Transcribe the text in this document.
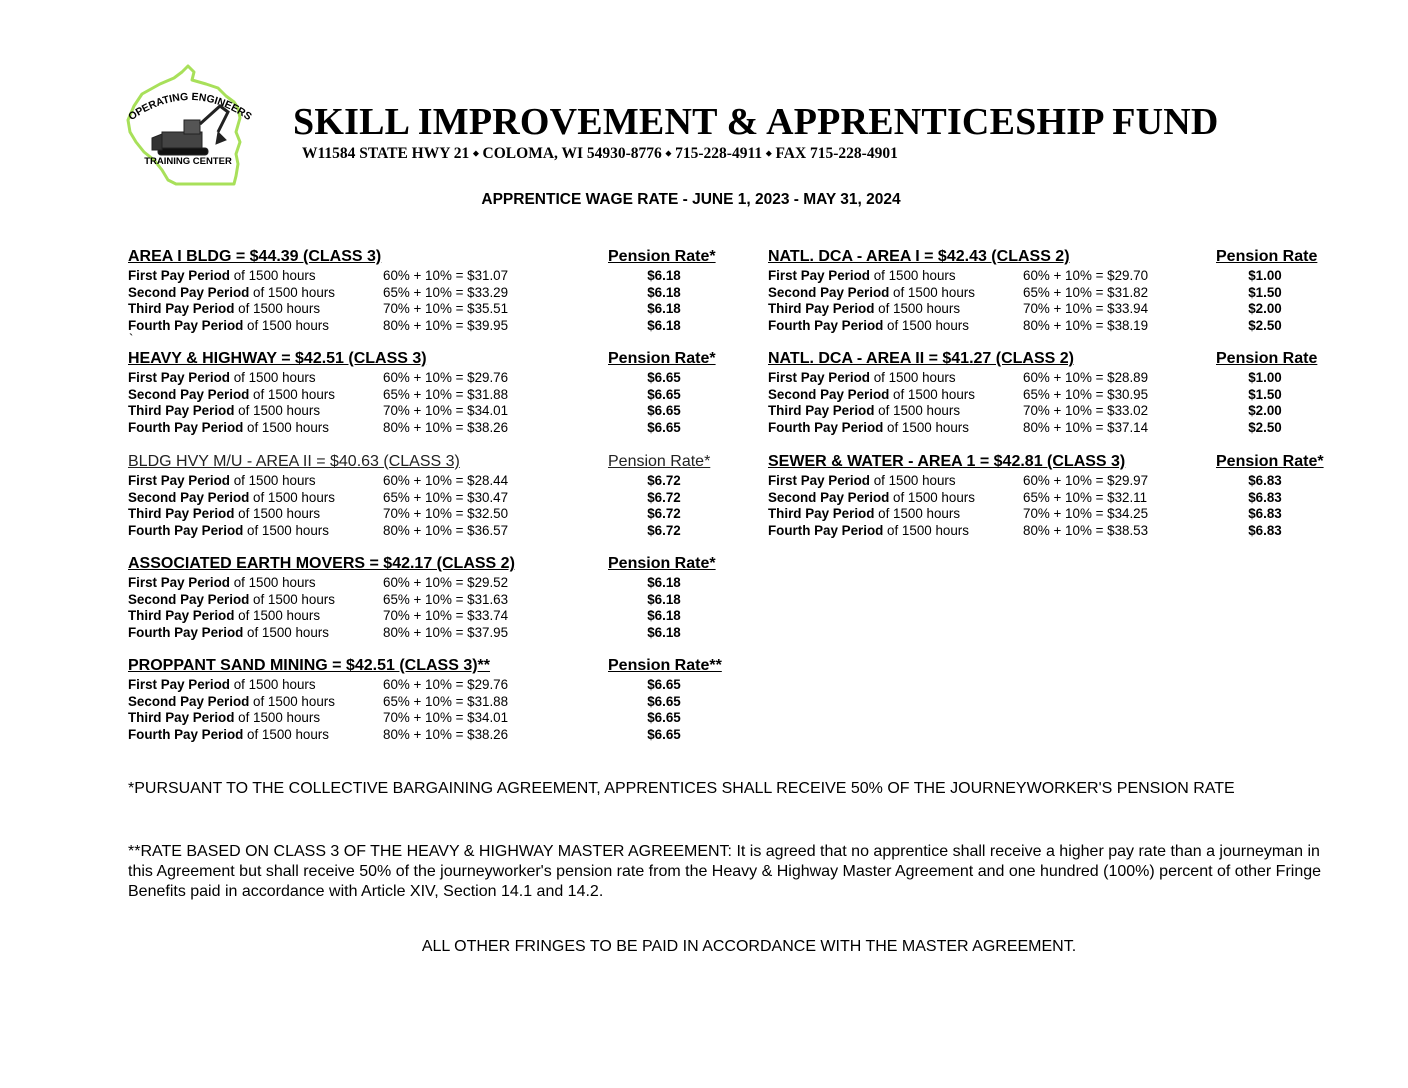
OPERATING ENGINEERS
TRAINING CENTER
SKILL IMPROVEMENT & APPRENTICESHIP FUND
W11584 STATE HWY 21 ⬩ COLOMA, WI 54930-8776 ⬩ 715-228-4911 ⬩ FAX 715-228-4901
APPRENTICE WAGE RATE - JUNE 1, 2023 - MAY 31, 2024
AREA I BLDG = $44.39 (CLASS 3)	Pension Rate*
First Pay Period of 1500 hours	60% + 10% = $31.07	$6.18
Second Pay Period of 1500 hours	65% + 10% = $33.29	$6.18
Third Pay Period of 1500 hours	70% + 10% = $35.51	$6.18
Fourth Pay Period of 1500 hours	80% + 10% = $39.95	$6.18
`
HEAVY & HIGHWAY = $42.51 (CLASS 3)	Pension Rate*
First Pay Period of 1500 hours	60% + 10% = $29.76	$6.65
Second Pay Period of 1500 hours	65% + 10% = $31.88	$6.65
Third Pay Period of 1500 hours	70% + 10% = $34.01	$6.65
Fourth Pay Period of 1500 hours	80% + 10% = $38.26	$6.65
BLDG HVY M/U - AREA II = $40.63 (CLASS 3)	Pension Rate*
First Pay Period of 1500 hours	60% + 10% = $28.44	$6.72
Second Pay Period of 1500 hours	65% + 10% = $30.47	$6.72
Third Pay Period of 1500 hours	70% + 10% = $32.50	$6.72
Fourth Pay Period of 1500 hours	80% + 10% = $36.57	$6.72
ASSOCIATED EARTH MOVERS = $42.17 (CLASS 2)	Pension Rate*
First Pay Period of 1500 hours	60% + 10% = $29.52	$6.18
Second Pay Period of 1500 hours	65% + 10% = $31.63	$6.18
Third Pay Period of 1500 hours	70% + 10% = $33.74	$6.18
Fourth Pay Period of 1500 hours	80% + 10% = $37.95	$6.18
PROPPANT SAND MINING = $42.51 (CLASS 3)**	Pension Rate**
First Pay Period of 1500 hours	60% + 10% = $29.76	$6.65
Second Pay Period of 1500 hours	65% + 10% = $31.88	$6.65
Third Pay Period of 1500 hours	70% + 10% = $34.01	$6.65
Fourth Pay Period of 1500 hours	80% + 10% = $38.26	$6.65
NATL. DCA - AREA I = $42.43 (CLASS 2)	Pension Rate
First Pay Period of 1500 hours	60% + 10% = $29.70	$1.00
Second Pay Period of 1500 hours	65% + 10% = $31.82	$1.50
Third Pay Period of 1500 hours	70% + 10% = $33.94	$2.00
Fourth Pay Period of 1500 hours	80% + 10% = $38.19	$2.50
NATL. DCA - AREA II = $41.27 (CLASS 2)	Pension Rate
First Pay Period of 1500 hours	60% + 10% = $28.89	$1.00
Second Pay Period of 1500 hours	65% + 10% = $30.95	$1.50
Third Pay Period of 1500 hours	70% + 10% = $33.02	$2.00
Fourth Pay Period of 1500 hours	80% + 10% = $37.14	$2.50
SEWER & WATER - AREA 1 = $42.81 (CLASS 3)	Pension Rate*
First Pay Period of 1500 hours	60% + 10% = $29.97	$6.83
Second Pay Period of 1500 hours	65% + 10% = $32.11	$6.83
Third Pay Period of 1500 hours	70% + 10% = $34.25	$6.83
Fourth Pay Period of 1500 hours	80% + 10% = $38.53	$6.83
*PURSUANT TO THE COLLECTIVE BARGAINING AGREEMENT, APPRENTICES SHALL RECEIVE 50% OF THE JOURNEYWORKER'S PENSION RATE
**RATE BASED ON CLASS 3 OF THE HEAVY & HIGHWAY MASTER AGREEMENT: It is agreed that no apprentice shall receive a higher pay rate than a journeyman in this Agreement but shall receive 50% of the journeyworker's pension rate from the Heavy & Highway Master Agreement and one hundred (100%) percent of other Fringe Benefits paid in accordance with Article XIV, Section 14.1 and 14.2.
ALL OTHER FRINGES TO BE PAID IN ACCORDANCE WITH THE MASTER AGREEMENT.
